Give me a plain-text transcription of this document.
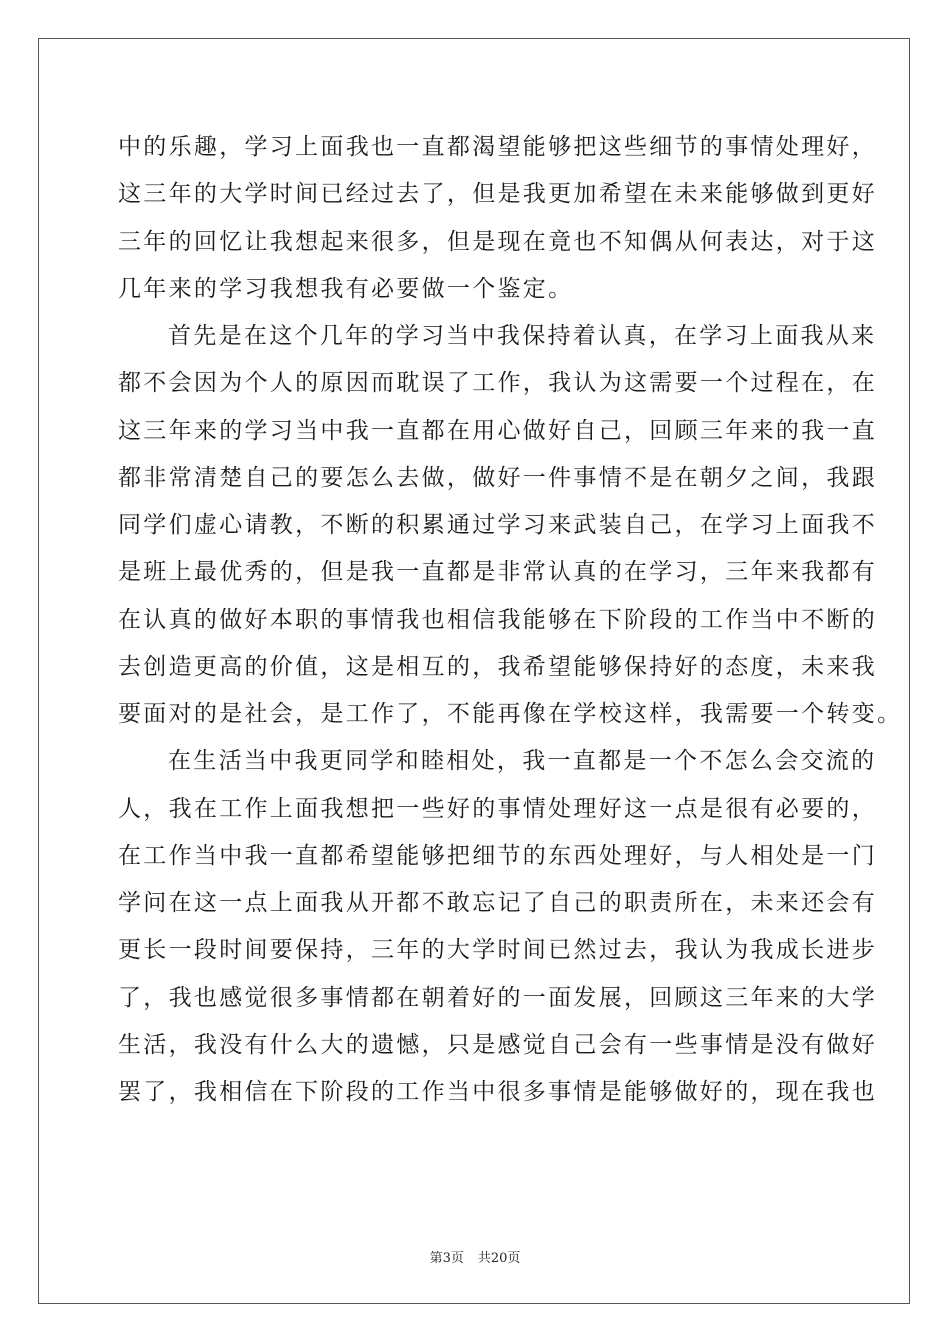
中的乐趣，学习上面我也一直都渴望能够把这些细节的事情处理好，
这三年的大学时间已经过去了，但是我更加希望在未来能够做到更好
三年的回忆让我想起来很多，但是现在竟也不知偶从何表达，对于这
几年来的学习我想我有必要做一个鉴定。
首先是在这个几年的学习当中我保持着认真，在学习上面我从来
都不会因为个人的原因而耽误了工作，我认为这需要一个过程在，在
这三年来的学习当中我一直都在用心做好自己，回顾三年来的我一直
都非常清楚自己的要怎么去做，做好一件事情不是在朝夕之间，我跟
同学们虚心请教，不断的积累通过学习来武装自己，在学习上面我不
是班上最优秀的，但是我一直都是非常认真的在学习，三年来我都有
在认真的做好本职的事情我也相信我能够在下阶段的工作当中不断的
去创造更高的价值，这是相互的，我希望能够保持好的态度，未来我
要面对的是社会，是工作了，不能再像在学校这样，我需要一个转变。
在生活当中我更同学和睦相处，我一直都是一个不怎么会交流的
人，我在工作上面我想把一些好的事情处理好这一点是很有必要的，
在工作当中我一直都希望能够把细节的东西处理好，与人相处是一门
学问在这一点上面我从开都不敢忘记了自己的职责所在，未来还会有
更长一段时间要保持，三年的大学时间已然过去，我认为我成长进步
了，我也感觉很多事情都在朝着好的一面发展，回顾这三年来的大学
生活，我没有什么大的遗憾，只是感觉自己会有一些事情是没有做好
罢了，我相信在下阶段的工作当中很多事情是能够做好的，现在我也
第3页 共20页
